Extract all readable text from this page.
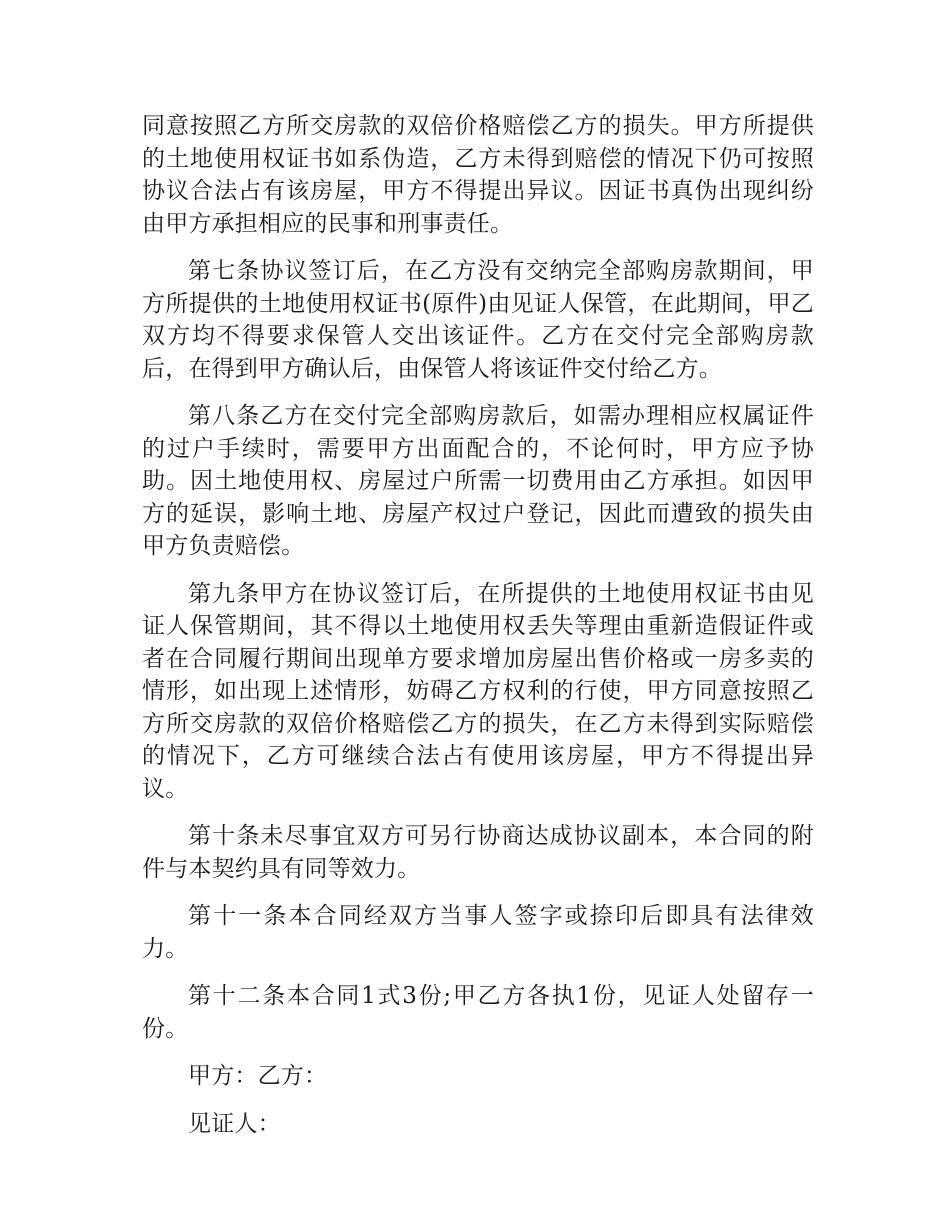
同意按照乙方所交房款的双倍价格赔偿乙方的损失。甲方所提供的土地使用权证书如系伪造，乙方未得到赔偿的情况下仍可按照协议合法占有该房屋，甲方不得提出异议。因证书真伪出现纠纷由甲方承担相应的民事和刑事责任。

第七条协议签订后，在乙方没有交纳完全部购房款期间，甲方所提供的土地使用权证书(原件)由见证人保管，在此期间，甲乙双方均不得要求保管人交出该证件。乙方在交付完全部购房款后，在得到甲方确认后，由保管人将该证件交付给乙方。

第八条乙方在交付完全部购房款后，如需办理相应权属证件的过户手续时，需要甲方出面配合的，不论何时，甲方应予协助。因土地使用权、房屋过户所需一切费用由乙方承担。如因甲方的延误，影响土地、房屋产权过户登记，因此而遭致的损失由甲方负责赔偿。

第九条甲方在协议签订后，在所提供的土地使用权证书由见证人保管期间，其不得以土地使用权丢失等理由重新造假证件或者在合同履行期间出现单方要求增加房屋出售价格或一房多卖的情形，如出现上述情形，妨碍乙方权利的行使，甲方同意按照乙方所交房款的双倍价格赔偿乙方的损失，在乙方未得到实际赔偿的情况下，乙方可继续合法占有使用该房屋，甲方不得提出异议。

第十条未尽事宜双方可另行协商达成协议副本，本合同的附件与本契约具有同等效力。

第十一条本合同经双方当事人签字或捺印后即具有法律效力。

第十二条本合同1式3份;甲乙方各执1份，见证人处留存一份。

甲方：乙方：

见证人：
